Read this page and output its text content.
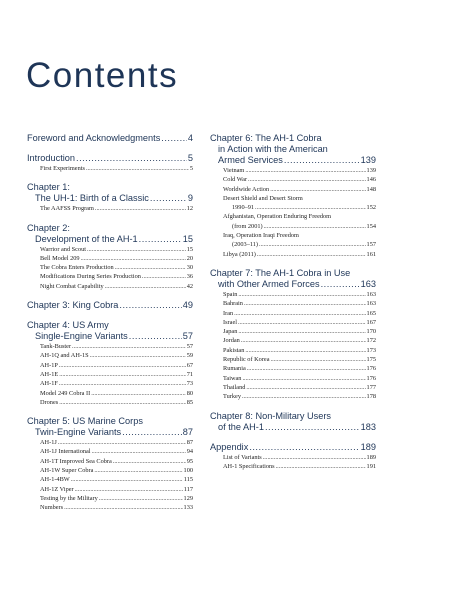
Contents
Foreword and Acknowledgments .....	4
Introduction .....	5
First Experiments .....	5
Chapter 1:
The UH-1: Birth of a Classic .....	9
The AAFSS Program .....	12
Chapter 2:
Development of the AH-1 .....	15
Warrior and Scout .....	15
Bell Model 209 .....	20
The Cobra Enters Production .....	30
Modifications During Series Production .....	36
Night Combat Capability .....	42
Chapter 3: King Cobra .....	49
Chapter 4: US Army
Single-Engine Variants .....	57
Tank-Buster .....	57
AH-1Q and AH-1S .....	59
AH-1P .....	67
AH-1E .....	71
AH-1F .....	73
Model 249 Cobra II .....	80
Drones .....	85
Chapter 5: US Marine Corps
Twin-Engine Variants .....	87
AH-1J .....	87
AH-1J International .....	94
AH-1T Improved Sea Cobra .....	95
AH-1W Super Cobra .....	100
AH-1-4BW .....	115
AH-1Z Viper .....	117
Testing by the Military .....	129
Numbers .....	133
Chapter 6: The AH-1 Cobra
in Action with the American
Armed Services .....	139
Vietnam .....	139
Cold War .....	146
Worldwide Action .....	148
Desert Shield and Desert Storm
1990–91 .....	152
Afghanistan, Operation Enduring Freedom
(from 2001) .....	154
Iraq, Operation Iraqi Freedom
(2003–11) .....	157
Libya (2011) .....	161
Chapter 7: The AH-1 Cobra in Use
with Other Armed Forces .....	163
Spain .....	163
Bahrain .....	163
Iran .....	165
Israel .....	167
Japan .....	170
Jordan .....	172
Pakistan .....	173
Republic of Korea .....	175
Rumania .....	176
Taiwan .....	176
Thailand .....	177
Turkey .....	178
Chapter 8: Non-Military Users
of the AH-1 .....	183
Appendix .....	189
List of Variants .....	189
AH-1 Specifications .....	191
